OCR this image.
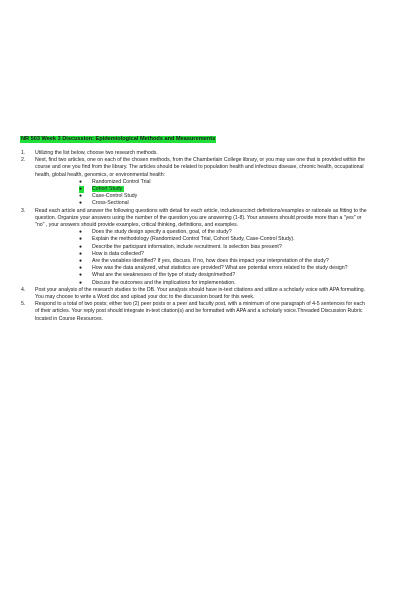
NR 503 Week 3 Discussion: Epidemiological Methods and Measurements
1. Utilizing the list below, choose two research methods.
2. Next, find two articles, one on each of the chosen methods, from the Chamberlain College library, or you may use one that is provided within the course and one you find from the library. The articles should be related to population health and infectious disease, chronic health, occupational health, global health, genomics, or environmental health:
● Randomized Control Trial
●	Cohort Study
● Case-Control Study
● Cross-Sectional
3. Read each article and answer the following questions with detail for each article, includesuccinct definitions/examples or rationale as fitting to the question. Organize your answers using the number of the question you are answering (1-8). Your answers should provide more than a "yes" or "no" , your answers should provide examples, critical thinking, definitions, and examples.
● Does the study design specify a question, goal, of the study?
● Explain the methodology (Randomized Control Trial, Cohort Study, Case-Control Study).
● Describe the participant information, include recruitment. Is selection bias present?
● How is data collected?
● Are the variables identified? If yes, discuss. If no, how does this impact your interpretation of the study?
● How was the data analyzed, what statistics are provided? What are potential errors related to the study design?
● What are the weaknesses of the type of study design/method?
● Discuss the outcomes and the implications for implementation.
4. Post your analysis of the research studies to the DB. Your analysis should have in-text citations and utilize a scholarly voice with APA formatting. You may choose to write a Word doc and upload your doc to the discussion board for this week.
5. Respond to a total of two posts; either two (2) peer posts or a peer and faculty post, with a minimum of one paragraph of 4-5 sentences for each of their articles. Your reply post should integrate in-text citation(s) and be formatted with APA and a scholarly voice.Threaded Discussion Rubric located in Course Resources.
